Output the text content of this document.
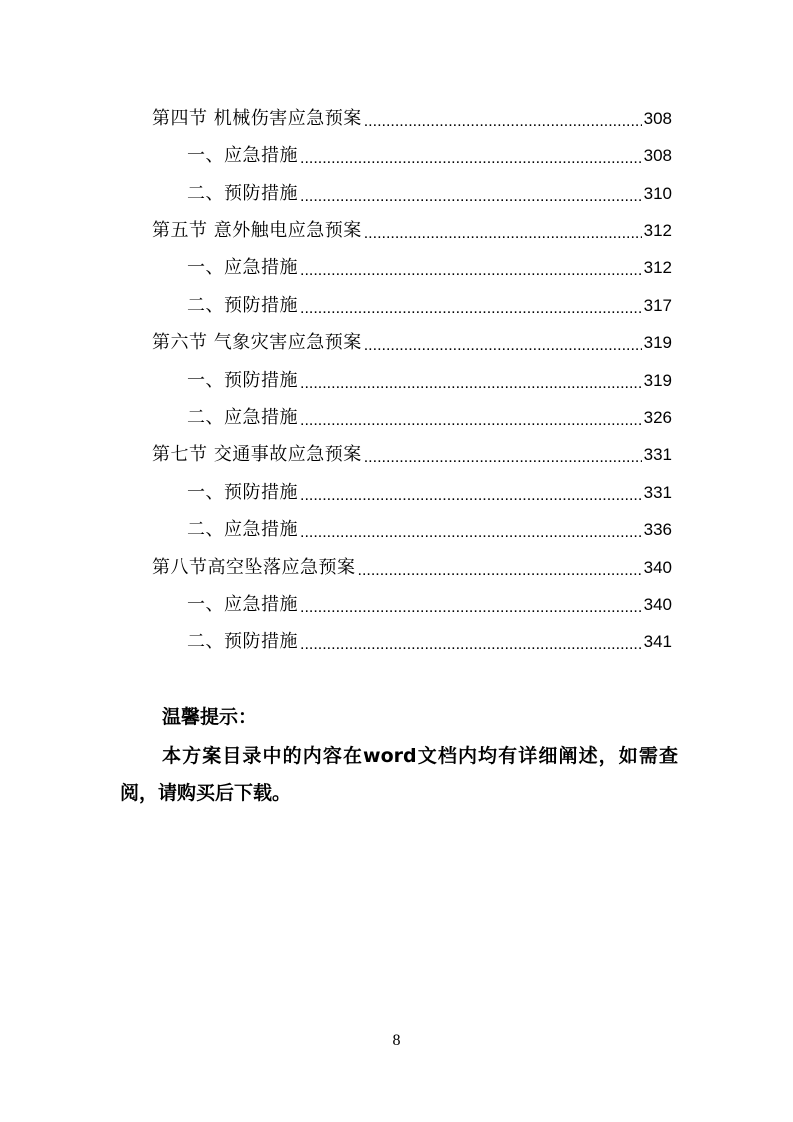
第四节 机械伤害应急预案 .....	308
一、应急措施 .....	308
二、预防措施 .....	310
第五节 意外触电应急预案 .....	312
一、应急措施 .....	312
二、预防措施 .....	317
第六节 气象灾害应急预案 .....	319
一、预防措施 .....	319
二、应急措施 .....	326
第七节 交通事故应急预案 .....	331
一、预防措施 .....	331
二、应急措施 .....	336
第八节高空坠落应急预案 .....	340
一、应急措施 .....	340
二、预防措施 .....	341

温馨提示：

本方案目录中的内容在word文档内均有详细阐述，如需查阅，请购买后下载。

8
